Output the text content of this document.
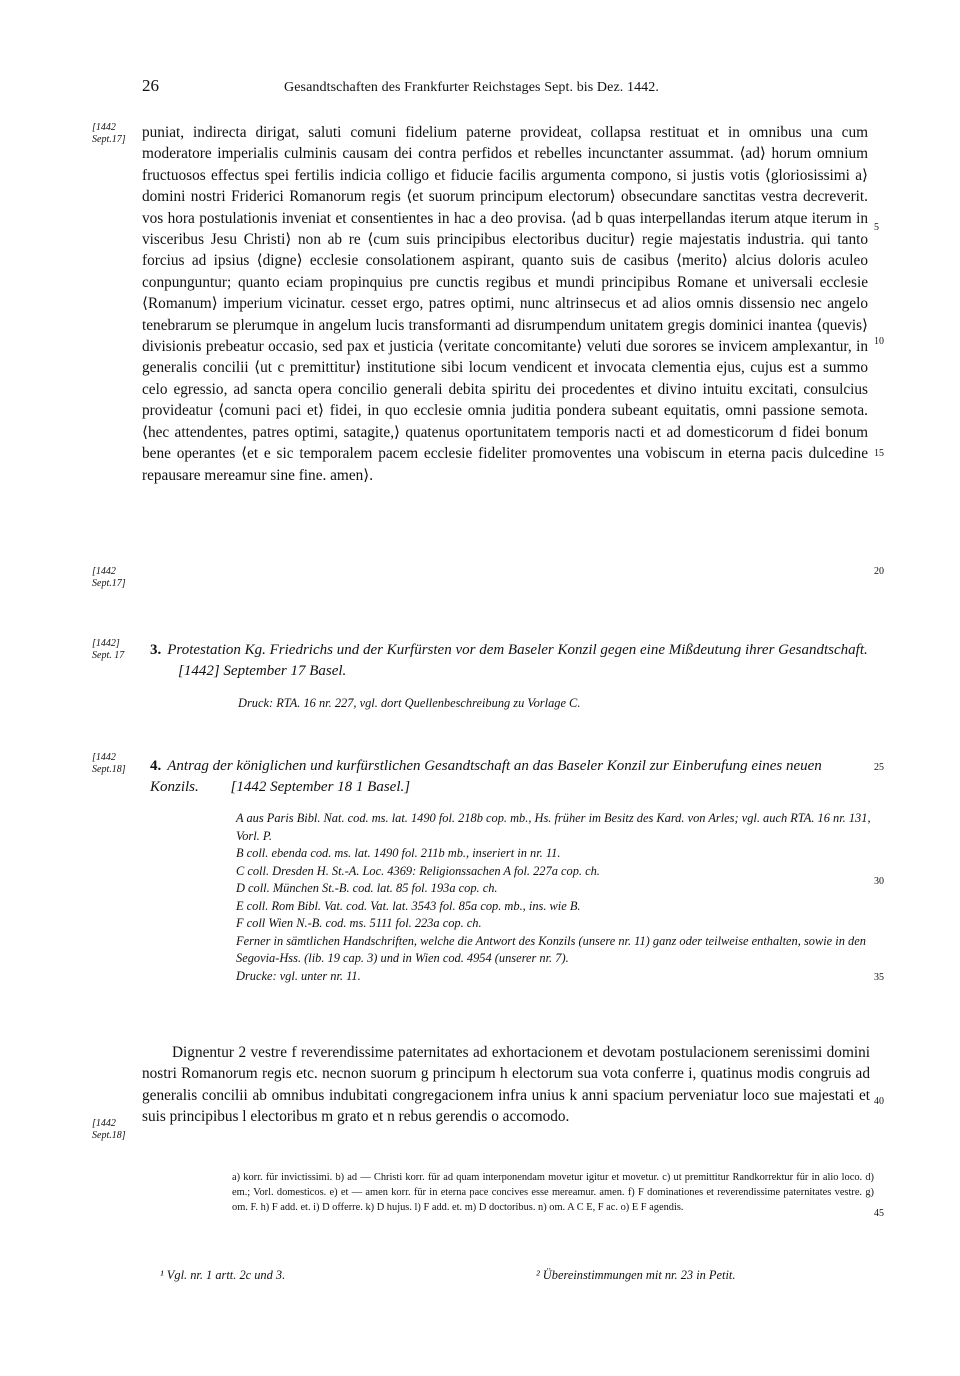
26	Gesandtschaften des Frankfurter Reichstages Sept. bis Dez. 1442.
[1442
Sept.17]
[1442
Sept.17]
[1442]
Sept. 17
[1442
Sept.18]
[1442
Sept.18]
5
10
15
20
25
30
35
40
45
puniat, indirecta dirigat, saluti comuni fidelium paterne provideat, collapsa restituat et in omnibus una cum moderatore imperialis culminis causam dei contra perfidos et rebelles incunctanter assummat. ⟨ad⟩ horum omnium fructuosos effectus spei fertilis indicia colligo et fiducie facilis argumenta compono, si justis votis ⟨gloriosissimi a⟩ domini nostri Friderici Romanorum regis ⟨et suorum principum electorum⟩ obsecundare sanctitas vestra decreverit. vos hora postulationis inveniat et consentientes in hac a deo provisa. ⟨ad b quas interpellandas iterum atque iterum in visceribus Jesu Christi⟩ non ab re ⟨cum suis principibus electoribus ducitur⟩ regie majestatis industria. qui tanto forcius ad ipsius ⟨digne⟩ ecclesie consolationem aspirant, quanto suis de casibus ⟨merito⟩ alcius doloris aculeo conpunguntur; quanto eciam propinquius pre cunctis regibus et mundi principibus Romane et universali ecclesie ⟨Romanum⟩ imperium vicinatur. cesset ergo, patres optimi, nunc altrinsecus et ad alios omnis dissensio nec angelo tenebrarum se plerumque in angelum lucis transformanti ad disrumpendum unitatem gregis dominici inantea ⟨quevis⟩ divisionis prebeatur occasio, sed pax et justicia ⟨veritate concomitante⟩ veluti due sorores se invicem amplexantur, in generalis concilii ⟨ut c premittitur⟩ institutione sibi locum vendicent et invocata clementia ejus, cujus est a summo celo egressio, ad sancta opera concilio generali debita spiritu dei procedentes et divino intuitu excitati, consulcius provideatur ⟨comuni paci et⟩ fidei, in quo ecclesie omnia juditia pondera subeant equitatis, omni passione semota. ⟨hec attendentes, patres optimi, satagite,⟩ quatenus oportunitatem temporis nacti et ad domesticorum d fidei bonum bene operantes ⟨et e sic temporalem pacem ecclesie fideliter promoventes una vobiscum in eterna pacis dulcedine repausare mereamur sine fine. amen⟩.
3. Protestation Kg. Friedrichs und der Kurfürsten vor dem Baseler Konzil gegen eine Mißdeutung ihrer Gesandtschaft. [1442] September 17 Basel.
Druck: RTA. 16 nr. 227, vgl. dort Quellenbeschreibung zu Vorlage C.
4. Antrag der königlichen und kurfürstlichen Gesandtschaft an das Baseler Konzil zur Einberufung eines neuen Konzils. [1442 September 18 1 Basel.]
A aus Paris Bibl. Nat. cod. ms. lat. 1490 fol. 218b cop. mb., Hs. früher im Besitz des Kard. von Arles; vgl. auch RTA. 16 nr. 131, Vorl. P.
B coll. ebenda cod. ms. lat. 1490 fol. 211b mb., inseriert in nr. 11.
C coll. Dresden H. St.-A. Loc. 4369: Religionssachen A fol. 227a cop. ch.
D coll. München St.-B. cod. lat. 85 fol. 193a cop. ch.
E coll. Rom Bibl. Vat. cod. Vat. lat. 3543 fol. 85a cop. mb., ins. wie B.
F coll Wien N.-B. cod. ms. 5111 fol. 223a cop. ch.
Ferner in sämtlichen Handschriften, welche die Antwort des Konzils (unsere nr. 11) ganz oder teilweise enthalten, sowie in den Segovia-Hss. (lib. 19 cap. 3) und in Wien cod. 4954 (unserer nr. 7).
Drucke: vgl. unter nr. 11.
Dignentur 2 vestre f reverendissime paternitates ad exhortacionem et devotam postulacionem serenissimi domini nostri Romanorum regis etc. necnon suorum g principum h electorum sua vota conferre i, quatinus modis congruis ad generalis concilii ab omnibus indubitati congregacionem infra unius k anni spacium perveniatur loco sue majestati et suis principibus l electoribus m grato et n rebus gerendis o accomodo.
a) korr. für invictissimi. b) ad — Christi korr. für ad quam interponendam movetur igitur et movetur. c) ut premittitur Randkorrektur für in alio loco. d) em.; Vorl. domesticos. e) et — amen korr. für in eterna pace concives esse mereamur. amen. f) F dominationes et reverendissime paternitates vestre. g) om. F. h) F add. et. i) D offerre. k) D hujus. l) F add. et. m) D doctoribus. n) om. A C E, F ac. o) E F agendis.
¹ Vgl. nr. 1 artt. 2c und 3.	² Übereinstimmungen mit nr. 23 in Petit.
